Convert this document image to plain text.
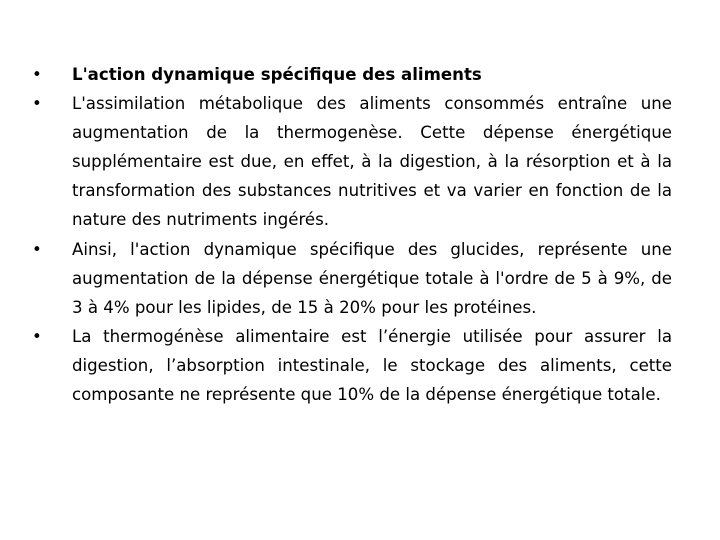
•	L'action dynamique spécifique des aliments
•	L'assimilation métabolique des aliments consommés entraîne une augmentation de la thermogenèse. Cette dépense énergétique supplémentaire est due, en effet, à la digestion, à la résorption et à la transformation des substances nutritives et va varier en fonction de la nature des nutriments ingérés.
•	Ainsi, l'action dynamique spécifique des glucides, représente une augmentation de la dépense énergétique totale à l'ordre de 5 à 9%, de 3 à 4% pour les lipides, de 15 à 20% pour les protéines.
•	La thermogénèse alimentaire est l’énergie utilisée pour assurer la digestion, l’absorption intestinale, le stockage des aliments, cette composante ne représente que 10% de la dépense énergétique totale.
